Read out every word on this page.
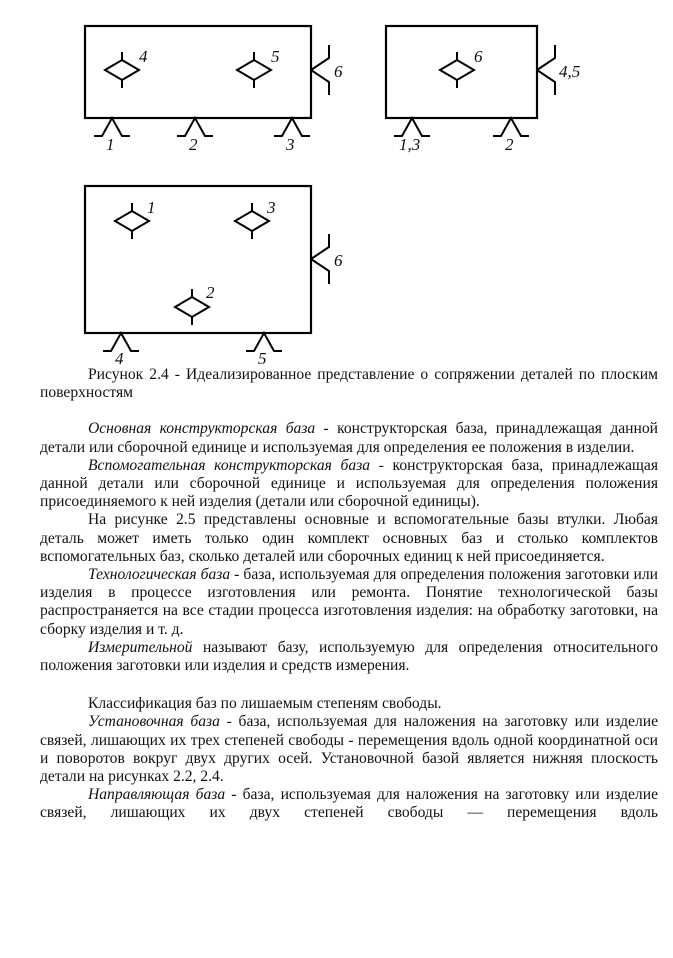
4	5
6
1	2	3
6
4,5
1,3	2
1	3
2
6
4	5

Рисунок 2.4 - Идеализированное представление о сопряжении деталей по плоским поверхностям

Основная конструкторская база - конструкторская база, принадлежащая данной детали или сборочной единице и используемая для определения ее положения в изделии.

Вспомогательная конструкторская база - конструкторская база, принадлежащая данной детали или сборочной единице и используемая для определения положения присоединяемого к ней изделия (детали или сборочной единицы).

На рисунке 2.5 представлены основные и вспомогательные базы втулки. Любая деталь может иметь только один комплект основных баз и столько комплектов вспомогательных баз, сколько деталей или сборочных единиц к ней присоединяется.

Технологическая база - база, используемая для определения положения заготовки или изделия в процессе изготовления или ремонта. Понятие технологической базы распространяется на все стадии процесса изготовления изделия: на обработку заготовки, на сборку изделия и т. д.

Измерительной называют базу, используемую для определения относительного положения заготовки или изделия и средств измерения.

Классификация баз по лишаемым степеням свободы.

Установочная база - база, используемая для наложения на заготовку или изделие связей, лишающих их трех степеней свободы - перемещения вдоль одной координатной оси и поворотов вокруг двух других осей. Установочной базой является нижняя плоскость детали на рисунках 2.2, 2.4.

Направляющая база - база, используемая для наложения на заготовку или изделие связей, лишающих их двух степеней свободы — перемещения вдоль
